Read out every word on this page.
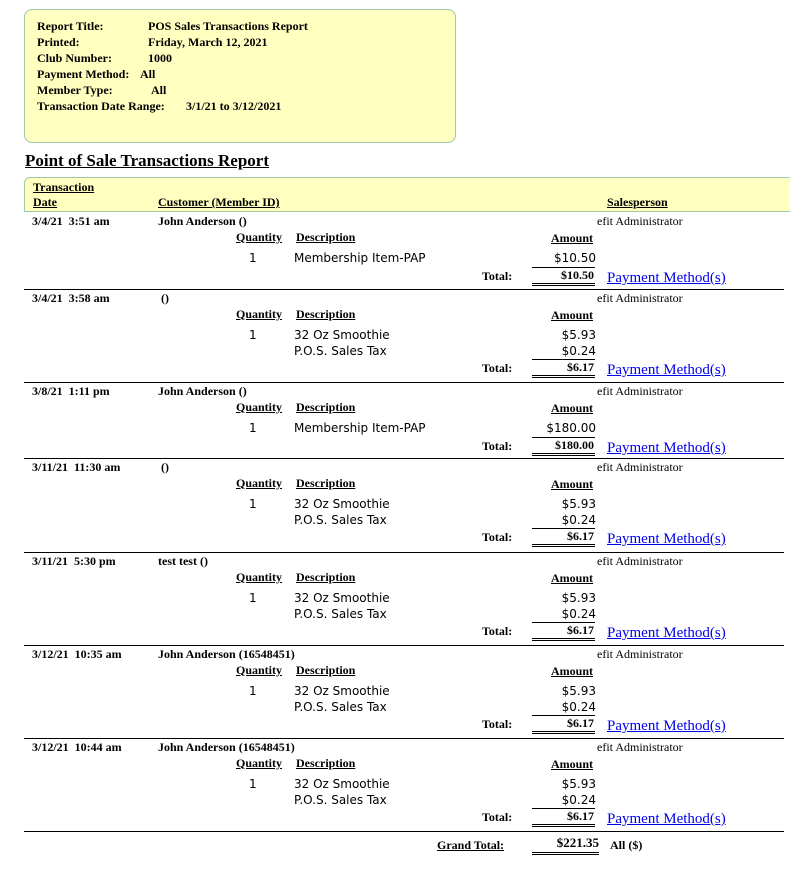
Report Title:	POS Sales Transactions Report
Printed:	Friday, March 12, 2021
Club Number:	1000
Payment Method: All
Member Type:	All
Transaction Date Range: 3/1/21 to 3/12/2021
Point of Sale Transactions Report
Transaction
Date	Customer (Member ID)	Salesperson
3/4/21  3:51 am	John Anderson ()	efit Administrator
Quantity Description	Amount
1	Membership Item-PAP	$10.50
Total:	$10.50 Payment Method(s)
3/4/21  3:58 am	()	efit Administrator
Quantity Description	Amount
1	32 Oz Smoothie	$5.93
P.O.S. Sales Tax	$0.24
Total:	$6.17 Payment Method(s)
3/8/21  1:11 pm	John Anderson ()	efit Administrator
Quantity Description	Amount
1	Membership Item-PAP	$180.00
Total:	$180.00 Payment Method(s)
3/11/21  11:30 am	()	efit Administrator
Quantity Description	Amount
1	32 Oz Smoothie	$5.93
P.O.S. Sales Tax	$0.24
Total:	$6.17 Payment Method(s)
3/11/21  5:30 pm	test test ()	efit Administrator
Quantity Description	Amount
1	32 Oz Smoothie	$5.93
P.O.S. Sales Tax	$0.24
Total:	$6.17 Payment Method(s)
3/12/21  10:35 am	John Anderson (16548451)	efit Administrator
Quantity Description	Amount
1	32 Oz Smoothie	$5.93
P.O.S. Sales Tax	$0.24
Total:	$6.17 Payment Method(s)
3/12/21  10:44 am	John Anderson (16548451)	efit Administrator
Quantity Description	Amount
1	32 Oz Smoothie	$5.93
P.O.S. Sales Tax	$0.24
Total:	$6.17 Payment Method(s)
Grand Total:	$221.35 All ($)
